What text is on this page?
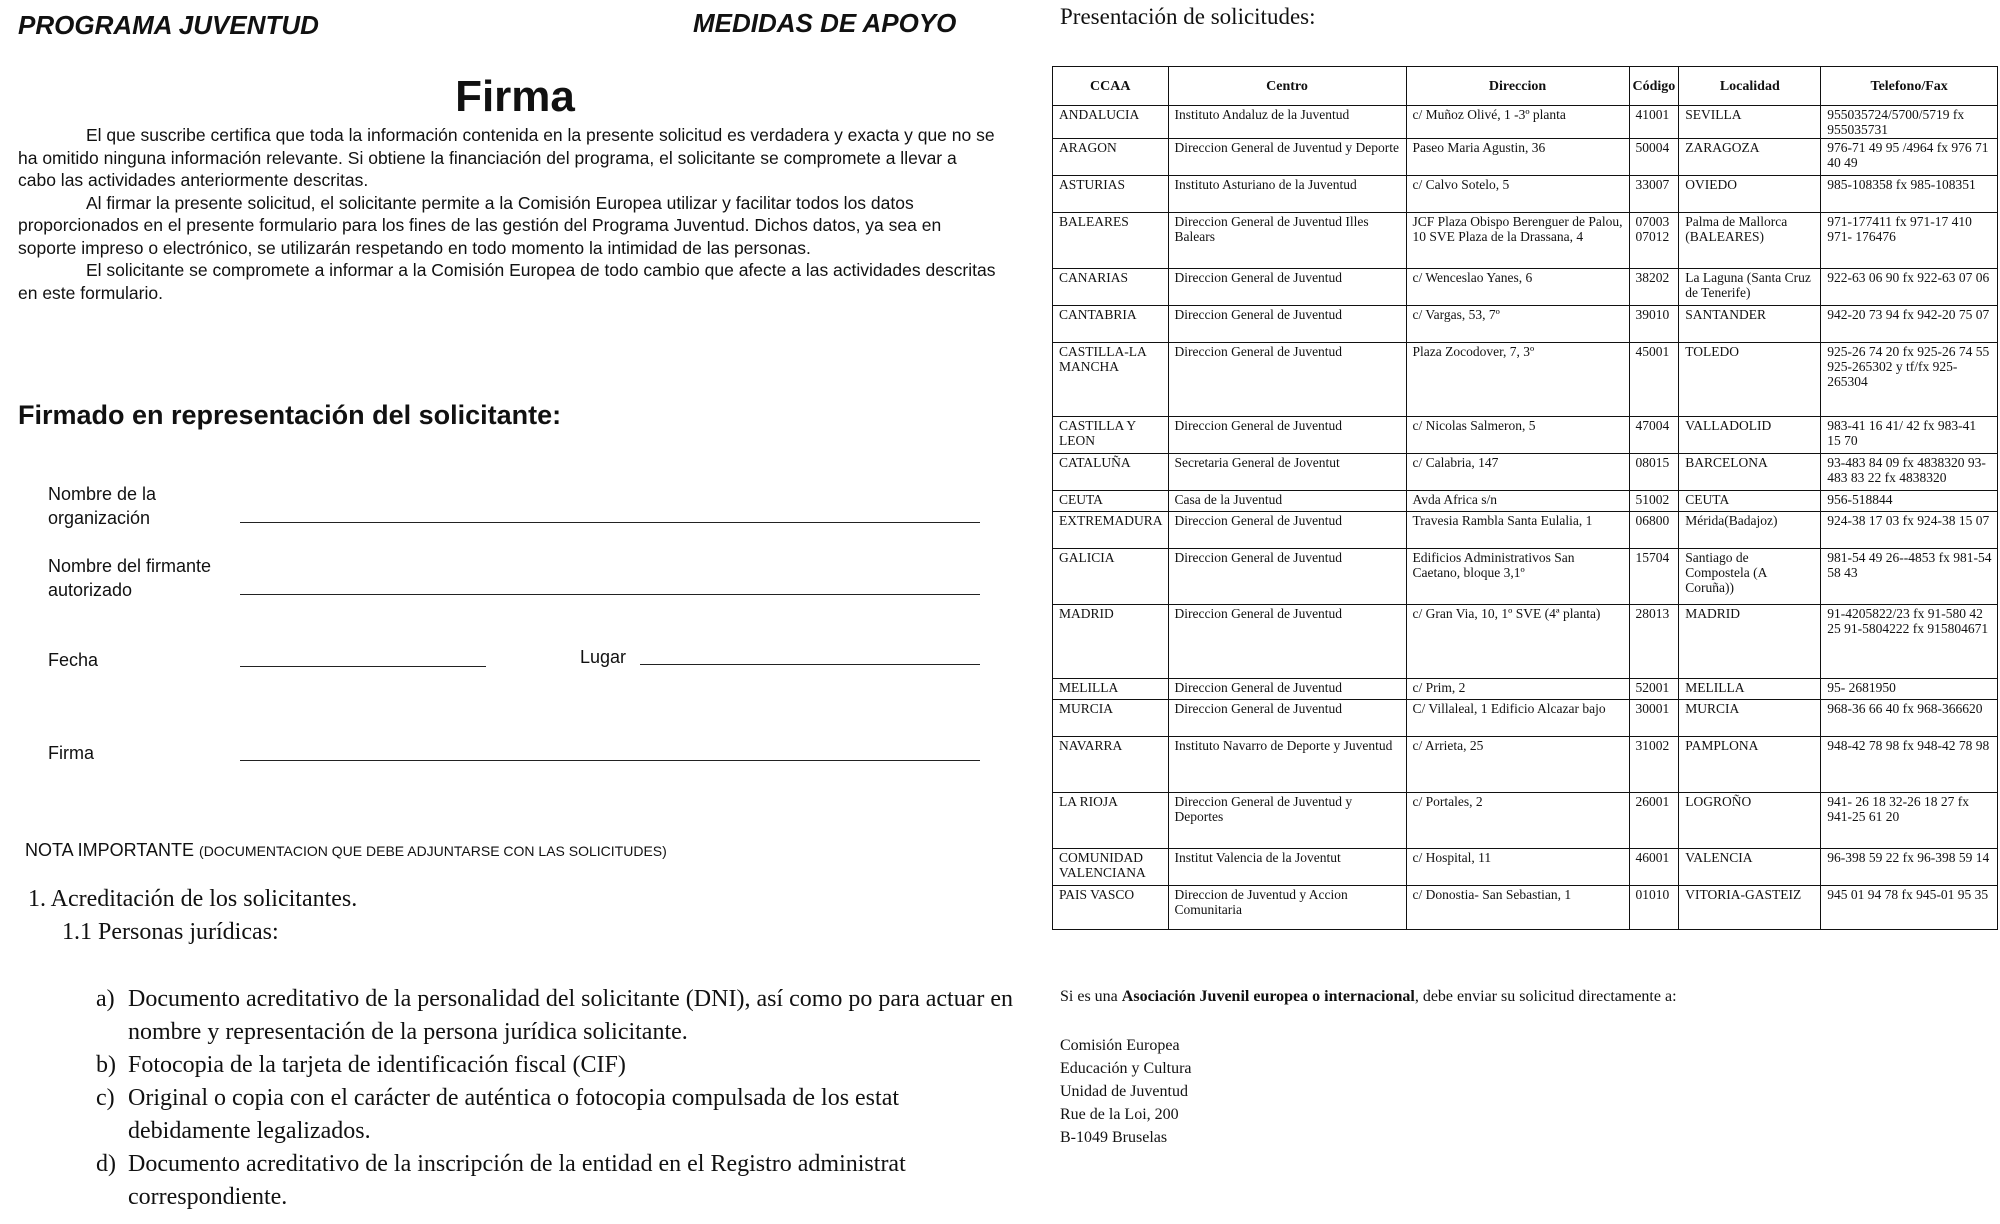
PROGRAMA JUVENTUD	MEDIDAS DE APOYO
Firma

El que suscribe certifica que toda la información contenida en la presente solicitud es verdadera y exacta y que no se ha omitido ninguna información relevante. Si obtiene la financiación del programa, el solicitante se compromete a llevar a cabo las actividades anteriormente descritas.

Al firmar la presente solicitud, el solicitante permite a la Comisión Europea utilizar y facilitar todos los datos proporcionados en el presente formulario para los fines de las gestión del Programa Juventud. Dichos datos, ya sea en soporte impreso o electrónico, se utilizarán respetando en todo momento la intimidad de las personas.

El solicitante se compromete a informar a la Comisión Europea de todo cambio que afecte a las actividades descritas en este formulario.

Firmado en representación del solicitante:
Nombre de la organización
Nombre del firmante autorizado
Fecha	Lugar
Firma
NOTA IMPORTANTE (DOCUMENTACION QUE DEBE ADJUNTARSE CON LAS SOLICITUDES)
1. Acreditación de los solicitantes.
1.1 Personas jurídicas:
a) Documento acreditativo de la personalidad del solicitante (DNI), así como po para actuar en nombre y representación de la persona jurídica solicitante.
b) Fotocopia de la tarjeta de identificación fiscal (CIF)
c) Original o copia con el carácter de auténtica o fotocopia compulsada de los estat debidamente legalizados.
d) Documento acreditativo de la inscripción de la entidad en el Registro administrat correspondiente.
Presentación de solicitudes:
CCAA	Centro	Direccion	Código	Localidad	Telefono/Fax
ANDALUCIA	Instituto Andaluz de la Juventud	c/ Muñoz Olivé, 1 -3º planta	41001	SEVILLA	955035724/5700/5719 fx 955035731
ARAGON	Direccion General de Juventud y Deporte	Paseo Maria Agustin, 36	50004	ZARAGOZA	976-71 49 95 /4964 fx 976 71 40 49
ASTURIAS	Instituto Asturiano de la Juventud	c/ Calvo Sotelo, 5	33007	OVIEDO	985-108358 fx 985-108351
BALEARES	Direccion General de Juventud Illes Balears	JCF Plaza Obispo Berenguer de Palou, 10 SVE Plaza de la Drassana, 4	07003 07012	Palma de Mallorca (BALEARES)	971-177411 fx 971-17 410 971- 176476
CANARIAS	Direccion General de Juventud	c/ Wenceslao Yanes, 6	38202	La Laguna (Santa Cruz de Tenerife)	922-63 06 90 fx 922-63 07 06
CANTABRIA	Direccion General de Juventud	c/ Vargas, 53, 7º	39010	SANTANDER	942-20 73 94 fx 942-20 75 07
CASTILLA-LA MANCHA	Direccion General de Juventud	Plaza Zocodover, 7, 3º	45001	TOLEDO	925-26 74 20 fx 925-26 74 55 925-265302 y tf/fx 925-265304
CASTILLA Y LEON	Direccion General de Juventud	c/ Nicolas Salmeron, 5	47004	VALLADOLID	983-41 16 41/ 42 fx 983-41 15 70
CATALUÑA	Secretaria General de Joventut	c/ Calabria, 147	08015	BARCELONA	93-483 84 09 fx 4838320 93-483 83 22 fx 4838320
CEUTA	Casa de la Juventud	Avda Africa s/n	51002	CEUTA	956-518844
EXTREMADURA	Direccion General de Juventud	Travesia Rambla Santa Eulalia, 1	06800	Mérida(Badajoz)	924-38 17 03 fx 924-38 15 07
GALICIA	Direccion General de Juventud	Edificios Administrativos San Caetano, bloque 3,1º	15704	Santiago de Compostela (A Coruña))	981-54 49 26--4853 fx 981-54 58 43
MADRID	Direccion General de Juventud	c/ Gran Via, 10, 1º SVE (4ª planta)	28013	MADRID	91-4205822/23 fx 91-580 42 25 91-5804222 fx 915804671
MELILLA	Direccion General de Juventud	c/ Prim, 2	52001	MELILLA	95- 2681950
MURCIA	Direccion General de Juventud	C/ Villaleal, 1 Edificio Alcazar bajo	30001	MURCIA	968-36 66 40 fx 968-366620
NAVARRA	Instituto Navarro de Deporte y Juventud	c/ Arrieta, 25	31002	PAMPLONA	948-42 78 98 fx 948-42 78 98
LA RIOJA	Direccion General de Juventud y Deportes	c/ Portales, 2	26001	LOGROÑO	941- 26 18 32-26 18 27 fx 941-25 61 20
COMUNIDAD VALENCIANA	Institut Valencia de la Joventut	c/ Hospital, 11	46001	VALENCIA	96-398 59 22 fx 96-398 59 14
PAIS VASCO	Direccion de Juventud y Accion Comunitaria	c/ Donostia- San Sebastian, 1	01010	VITORIA-GASTEIZ	945 01 94 78 fx 945-01 95 35
Si es una Asociación Juvenil europea o internacional, debe enviar su solicitud directamente a:
Comisión Europea
Educación y Cultura
Unidad de Juventud
Rue de la Loi, 200
B-1049 Bruselas
